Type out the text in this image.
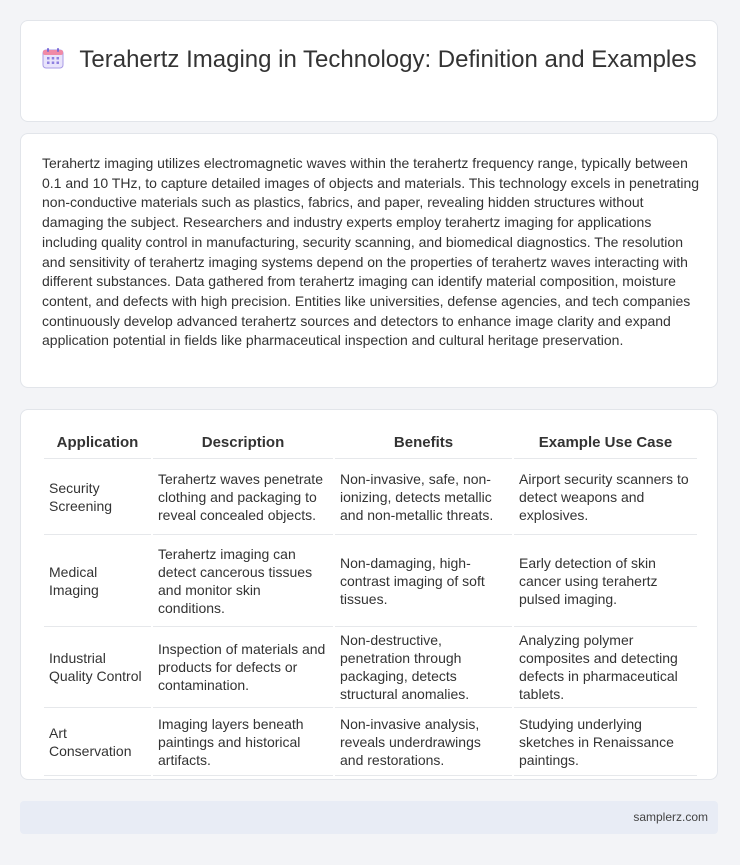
Terahertz Imaging in Technology: Definition and Examples
Terahertz imaging utilizes electromagnetic waves within the terahertz frequency range, typically between 0.1 and 10 THz, to capture detailed images of objects and materials. This technology excels in penetrating non-conductive materials such as plastics, fabrics, and paper, revealing hidden structures without damaging the subject. Researchers and industry experts employ terahertz imaging for applications including quality control in manufacturing, security scanning, and biomedical diagnostics. The resolution and sensitivity of terahertz imaging systems depend on the properties of terahertz waves interacting with different substances. Data gathered from terahertz imaging can identify material composition, moisture content, and defects with high precision. Entities like universities, defense agencies, and tech companies continuously develop advanced terahertz sources and detectors to enhance image clarity and expand application potential in fields like pharmaceutical inspection and cultural heritage preservation.
Application	Description	Benefits	Example Use Case
Security Screening	Terahertz waves penetrate clothing and packaging to reveal concealed objects.	Non-invasive, safe, non-ionizing, detects metallic and non-metallic threats.	Airport security scanners to detect weapons and explosives.
Medical Imaging	Terahertz imaging can detect cancerous tissues and monitor skin conditions.	Non-damaging, high-contrast imaging of soft tissues.	Early detection of skin cancer using terahertz pulsed imaging.
Industrial Quality Control	Inspection of materials and products for defects or contamination.	Non-destructive, penetration through packaging, detects structural anomalies.	Analyzing polymer composites and detecting defects in pharmaceutical tablets.
Art Conservation	Imaging layers beneath paintings and historical artifacts.	Non-invasive analysis, reveals underdrawings and restorations.	Studying underlying sketches in Renaissance paintings.
samplerz.com
